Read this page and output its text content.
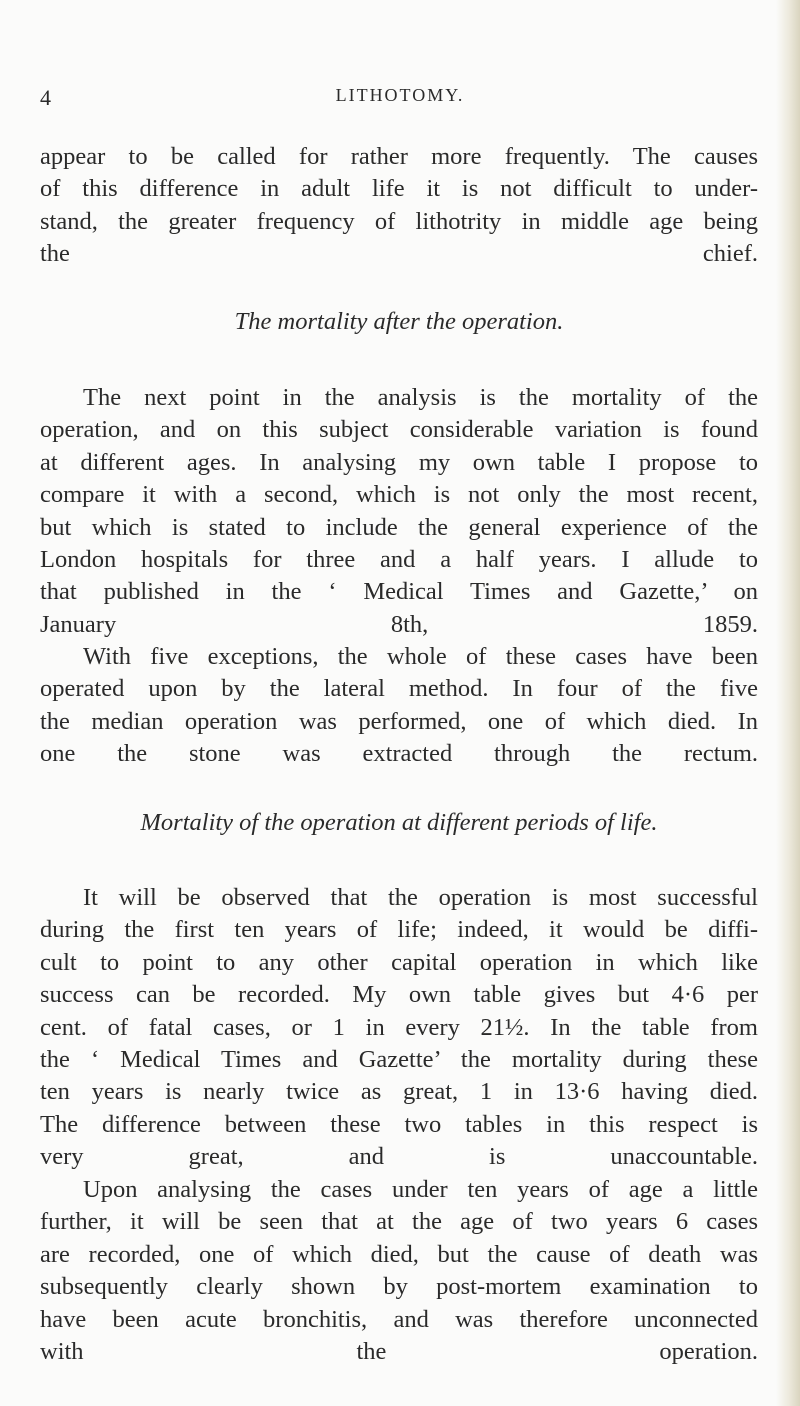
4	LITHOTOMY.
appear to be called for rather more frequently. The causes
of this difference in adult life it is not difficult to under-
stand, the greater frequency of lithotrity in middle age being
the chief.
The mortality after the operation.
The next point in the analysis is the mortality of the
operation, and on this subject considerable variation is found
at different ages. In analysing my own table I propose to
compare it with a second, which is not only the most recent,
but which is stated to include the general experience of the
London hospitals for three and a half years. I allude to
that published in the ‘ Medical Times and Gazette,’ on
January 8th, 1859.
With five exceptions, the whole of these cases have been
operated upon by the lateral method. In four of the five
the median operation was performed, one of which died. In
one the stone was extracted through the rectum.
Mortality of the operation at different periods of life.
It will be observed that the operation is most successful
during the first ten years of life; indeed, it would be diffi-
cult to point to any other capital operation in which like
success can be recorded. My own table gives but 4·6 per
cent. of fatal cases, or 1 in every 21½. In the table from
the ‘ Medical Times and Gazette’ the mortality during these
ten years is nearly twice as great, 1 in 13·6 having died.
The difference between these two tables in this respect is
very great, and is unaccountable.
Upon analysing the cases under ten years of age a little
further, it will be seen that at the age of two years 6 cases
are recorded, one of which died, but the cause of death was
subsequently clearly shown by post-mortem examination to
have been acute bronchitis, and was therefore unconnected
with the operation.
